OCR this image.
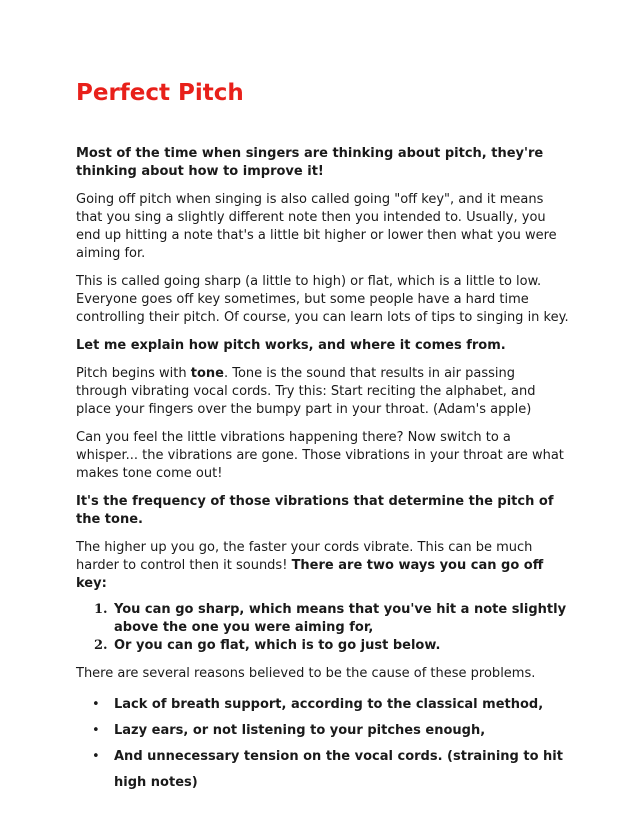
Perfect Pitch

Most of the time when singers are thinking about pitch, they're thinking about how to improve it!

Going off pitch when singing is also called going "off key", and it means that you sing a slightly different note then you intended to. Usually, you end up hitting a note that's a little bit higher or lower then what you were aiming for.

This is called going sharp (a little to high) or flat, which is a little to low. Everyone goes off key sometimes, but some people have a hard time controlling their pitch. Of course, you can learn lots of tips to singing in key.

Let me explain how pitch works, and where it comes from.

Pitch begins with tone. Tone is the sound that results in air passing through vibrating vocal cords. Try this: Start reciting the alphabet, and place your fingers over the bumpy part in your throat. (Adam's apple)

Can you feel the little vibrations happening there? Now switch to a whisper... the vibrations are gone. Those vibrations in your throat are what makes tone come out!

It's the frequency of those vibrations that determine the pitch of the tone.

The higher up you go, the faster your cords vibrate. This can be much harder to control then it sounds! There are two ways you can go off key:

1. You can go sharp, which means that you've hit a note slightly above the one you were aiming for,
2. Or you can go flat, which is to go just below.

There are several reasons believed to be the cause of these problems.

• Lack of breath support, according to the classical method,
• Lazy ears, or not listening to your pitches enough,
• And unnecessary tension on the vocal cords. (straining to hit high notes)
